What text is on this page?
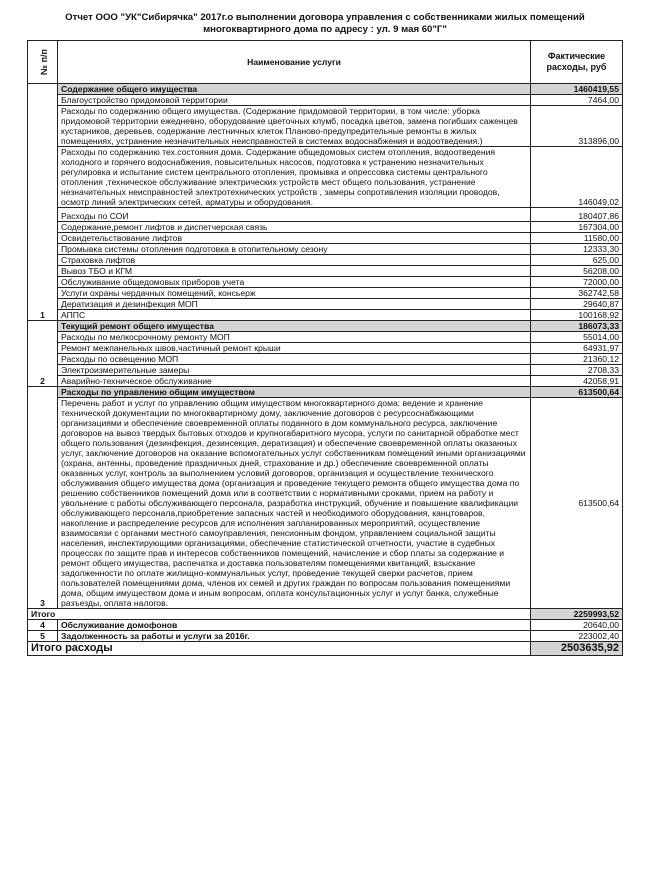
Отчет ООО "УК"Сибирячка" 2017г.о выполнении договора управления с собственниками жилых помещений
многоквартирного дома по адресу : ул. 9 мая 60"Г"
№ п/п	Наименование услуги	Фактические расходы, руб
1	Содержание общего имущества	1460419,55
	Благоустройство придомовой территории	7464,00
	Расходы по содержанию общего имущества. (Содержание придомовой территории, в том числе: уборка придомовой территории ежедневно, оборудование цветочных клумб, посадка цветов, замена погибших саженцев кустарников, деревьев, содержание лестничных клеток Планово-предупредительные ремонты в жилых помещениях, устранение незначительных неисправностей в системах водоснабжения и водоотведения.)	313896,00
	Расходы по содержанию тех.состояния дома. Содержание общедомовых систем отопления, водоотведения холодного и горячего водоснабжения, повысительных насосов, подготовка к устранению незначительных регулировка и испытание систем центрального отопления, промывка и опрессовка системы центрального отопления ,техническое обслуживание электрических устройств мест общего пользования, устранение незначительных неисправностей электротехнических устройств , замеры сопротивления изоляции проводов, осмотр линий электрических сетей, арматуры и оборудования.	146049,02
	Расходы по СОИ	180407,86
	Содержание,ремонт лифтов и диспетчерская связь	167304,00
	Освидетельствование лифтов	11580,00
	Промывка системы отопления подготовка в отопительному сезону	12333,30
	Страховка лифтов	625,00
	Вывоз ТБО и КГМ	56208,00
	Обслуживание общедомовых приборов учета	72000,00
	Услуги охраны чердачных помещений, консьерж	362742,58
	Дератизация и дезинфекция МОП	29640,87
	АППС	100168,92
2	Текущий ремонт общего имущества	186073,33
	Расходы по мелкосрочному ремонту МОП	55014,00
	Ремонт межпанельных швов,частичный ремонт крыши	64931,97
	Расходы по освещению МОП	21360,12
	Электроизмерительные замеры	2708,33
	Аварийно-техническое обслуживание	42058,91
3	Расходы по управлению общим имуществом	613500,64
	Перечень работ и услуг по управлению общим имуществом многоквартирного дома: ведение и хранение технической документации по многоквартирному дому, заключение договоров с ресурсоснабжающими организациями и обеспечение своевременной оплаты поданного в дом коммунального ресурса, заключение договоров на вывоз твердых бытовых отходов и крупногабаритного мусора, услуги по санитарной обработке мест общего пользования (дезинфекция, дезинсекция, дератизация) и обеспечение своевременной оплаты оказанных услуг, заключение договоров на оказание вспомогательных услуг собственникам помещений иными организациями (охрана, антенны, проведение праздничных дней, страхование и др.) обеспечение своевременной оплаты оказанных услуг, контроль за выполнением условий договоров, организация и осуществление технического обслуживания общего имущества дома (организация и проведение текущего ремонта общего имущества дома по решению собственников помещений дома или в соответствии с нормативными сроками, прием на работу и увольнение с работы обслуживающего персонала, разработка инструкций, обучение и повышение квалификации обслуживающего персонала,приобретение запасных частей и необходимого оборудования, канцтоваров, накопление и распределение ресурсов для исполнения запланированных мероприятий, осуществление взаимосвязи с органами местного самоуправления, пенсионным фондом, управлением социальной защиты населения, инспектирующими организациями, обеспечение статистической отчетности, участие в судебных процессах по защите прав и интересов собственников помещений, начисление и сбор платы за содержание и ремонт общего имущества, распечатка и доставка пользователям помещениями квитанций, взыскание задолженности по оплате жилищно-коммунальных услуг, проведение текущей сверки расчетов, прием пользователей помещениями дома, членов их семей и других граждан по вопросам пользования помещениями дома, общим имуществом дома и иным вопросам, оплата консультационных услуг и услуг банка, служебные разъезды, оплата налогов.	613500,64
Итого		2259993,52
4	Обслуживание домофонов	20640,00
5	Задолженность за работы и услуги за 2016г.	223002,40
Итого расходы		2503635,92
